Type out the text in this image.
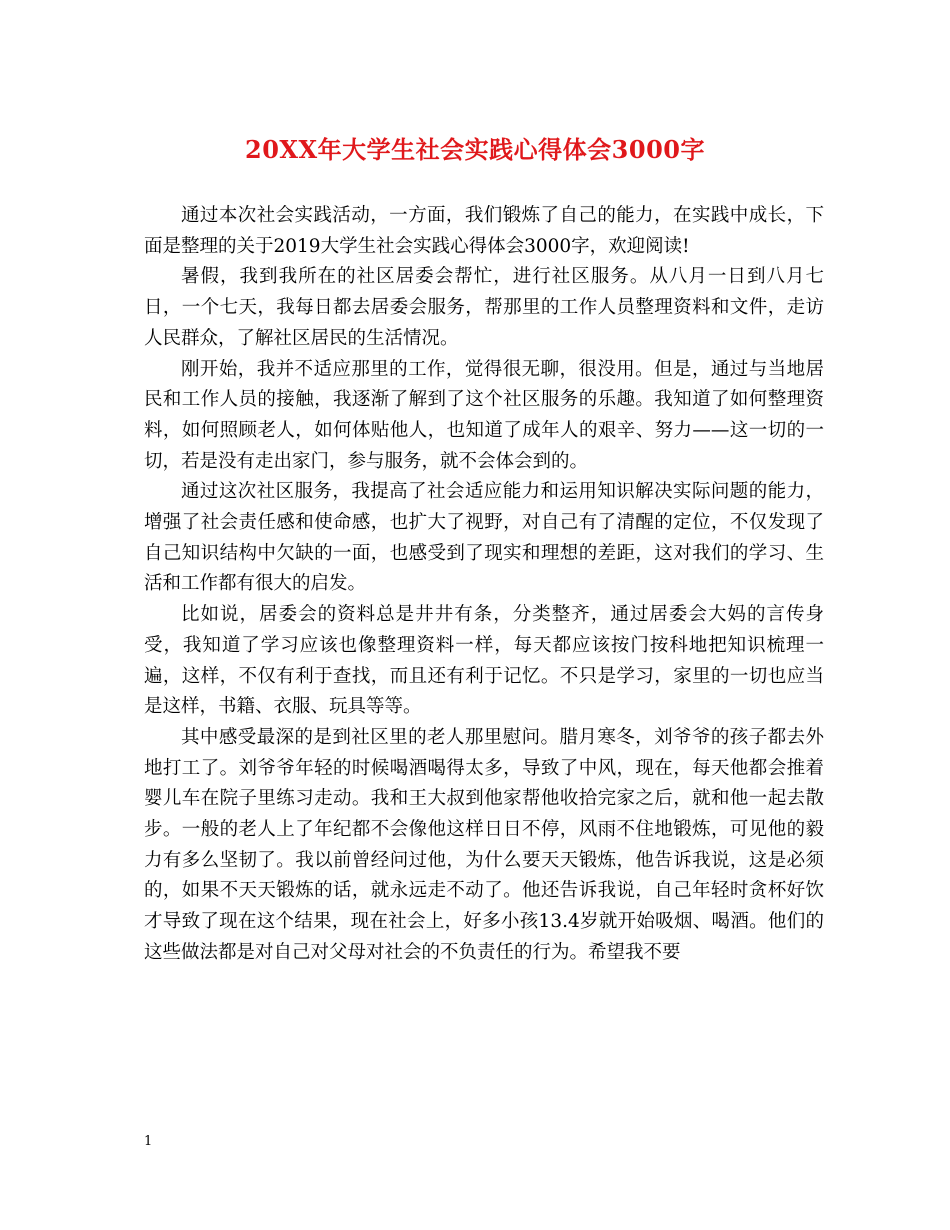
20XX年大学生社会实践心得体会3000字

通过本次社会实践活动，一方面，我们锻炼了自己的能力，在实践中成长，下面是整理的关于2019大学生社会实践心得体会3000字，欢迎阅读!

暑假，我到我所在的社区居委会帮忙，进行社区服务。从八月一日到八月七日，一个七天，我每日都去居委会服务，帮那里的工作人员整理资料和文件，走访人民群众，了解社区居民的生活情况。

刚开始，我并不适应那里的工作，觉得很无聊，很没用。但是，通过与当地居民和工作人员的接触，我逐渐了解到了这个社区服务的乐趣。我知道了如何整理资料，如何照顾老人，如何体贴他人，也知道了成年人的艰辛、努力——这一切的一切，若是没有走出家门，参与服务，就不会体会到的。

通过这次社区服务，我提高了社会适应能力和运用知识解决实际问题的能力，增强了社会责任感和使命感，也扩大了视野，对自己有了清醒的定位，不仅发现了自己知识结构中欠缺的一面，也感受到了现实和理想的差距，这对我们的学习、生活和工作都有很大的启发。

比如说，居委会的资料总是井井有条，分类整齐，通过居委会大妈的言传身受，我知道了学习应该也像整理资料一样，每天都应该按门按科地把知识梳理一遍，这样，不仅有利于查找，而且还有利于记忆。不只是学习，家里的一切也应当是这样，书籍、衣服、玩具等等。

其中感受最深的是到社区里的老人那里慰问。腊月寒冬，刘爷爷的孩子都去外地打工了。刘爷爷年轻的时候喝酒喝得太多，导致了中风，现在，每天他都会推着婴儿车在院子里练习走动。我和王大叔到他家帮他收拾完家之后，就和他一起去散步。一般的老人上了年纪都不会像他这样日日不停，风雨不住地锻炼，可见他的毅力有多么坚韧了。我以前曾经问过他，为什么要天天锻炼，他告诉我说，这是必须的，如果不天天锻炼的话，就永远走不动了。他还告诉我说，自己年轻时贪杯好饮才导致了现在这个结果，现在社会上，好多小孩13.4岁就开始吸烟、喝酒。他们的这些做法都是对自己对父母对社会的不负责任的行为。希望我不要

1
